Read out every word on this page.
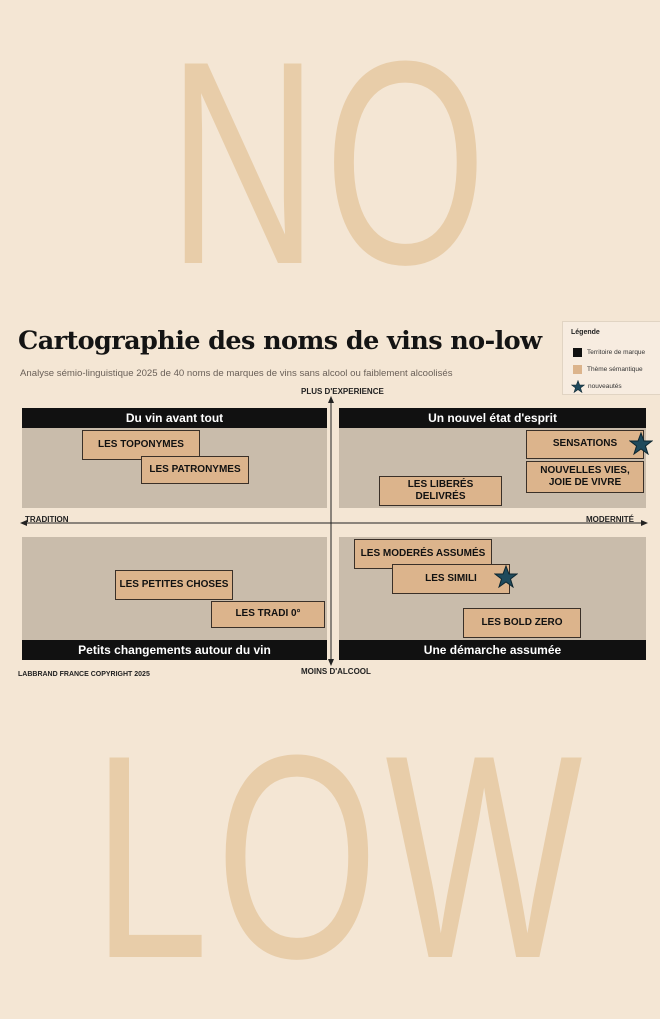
NO
LOW
Cartographie des noms de vins no-low
Analyse sémio-linguistique 2025 de 40 noms de marques de vins sans alcool ou faiblement alcoolisés
Légende
Territoire de marque
Thème sémantique
nouveautés
PLUS D'EXPERIENCE
MOINS D'ALCOOL
TRADITION	MODERNITÉ
Du vin avant tout	Un nouvel état d'esprit
Petits changements autour du vin	Une démarche assumée
LES TOPONYMES
LES PATRONYMES
SENSATIONS
NOUVELLES VIES,
JOIE DE VIVRE
LES LIBERÉS
DELIVRÉS
LES PETITES CHOSES
LES TRADI 0°
LES MODERÉS ASSUMÉS
LES SIMILI
LES BOLD ZERO
LABBRAND FRANCE COPYRIGHT 2025
